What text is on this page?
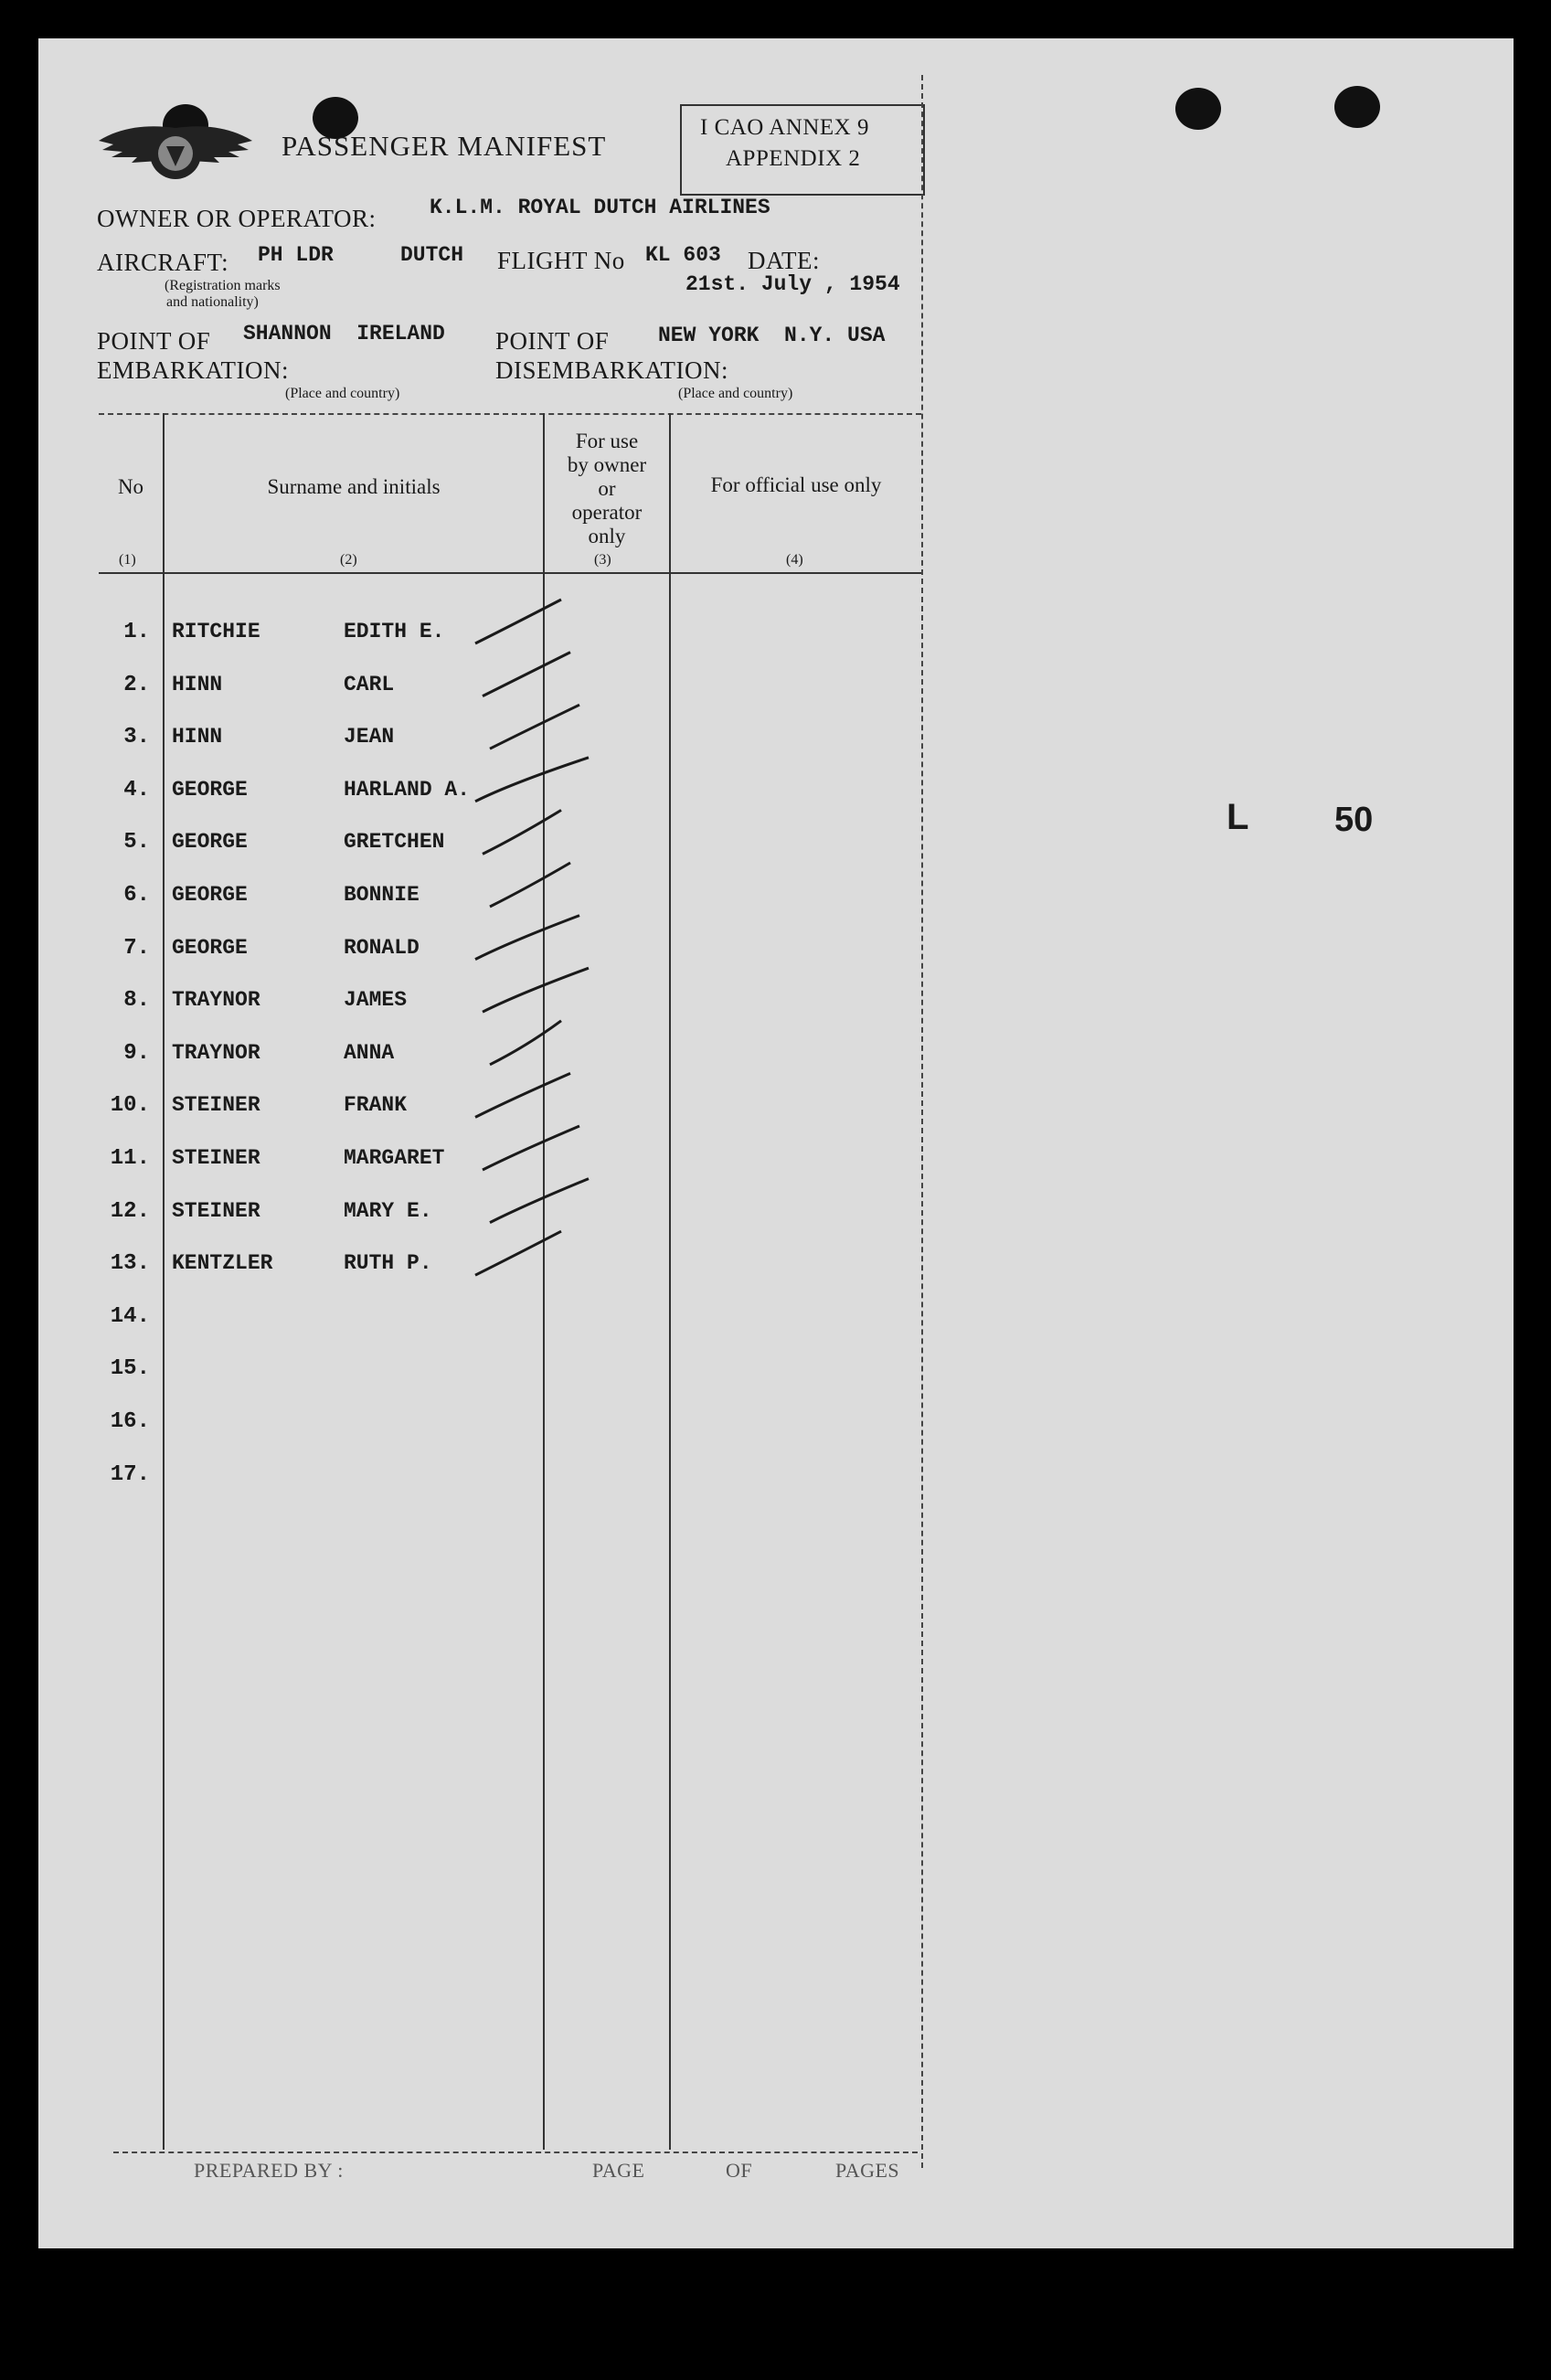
PASSENGER MANIFEST
I CAO ANNEX 9
APPENDIX 2
OWNER OR OPERATOR:	K.L.M. ROYAL DUTCH AIRLINES
AIRCRAFT: PH LDR	DUTCH
(Registration marks
and nationality)
FLIGHT No KL 603 DATE:
21st. July , 1954
POINT OF
EMBARKATION:
SHANNON  IRELAND POINT OF
DISEMBARKATION:
NEW YORK  N.Y. USA
(Place and country)	(Place and country)
No	Surname and initials
For use
by owner
or
operator
only
For official use only
(1)	(2)	(3)	(4)
1. RITCHIE	EDITH E.
2. HINN	CARL
3. HINN	JEAN
4. GEORGE	HARLAND A.
5. GEORGE	GRETCHEN
6. GEORGE	BONNIE
7. GEORGE	RONALD
8. TRAYNOR	JAMES
9. TRAYNOR	ANNA
10. STEINER	FRANK
11. STEINER	MARGARET
12. STEINER	MARY E.
13. KENTZLER	RUTH P.
14.
15.
16.
17.
PREPARED BY :	PAGE	OF	PAGES
L 50
